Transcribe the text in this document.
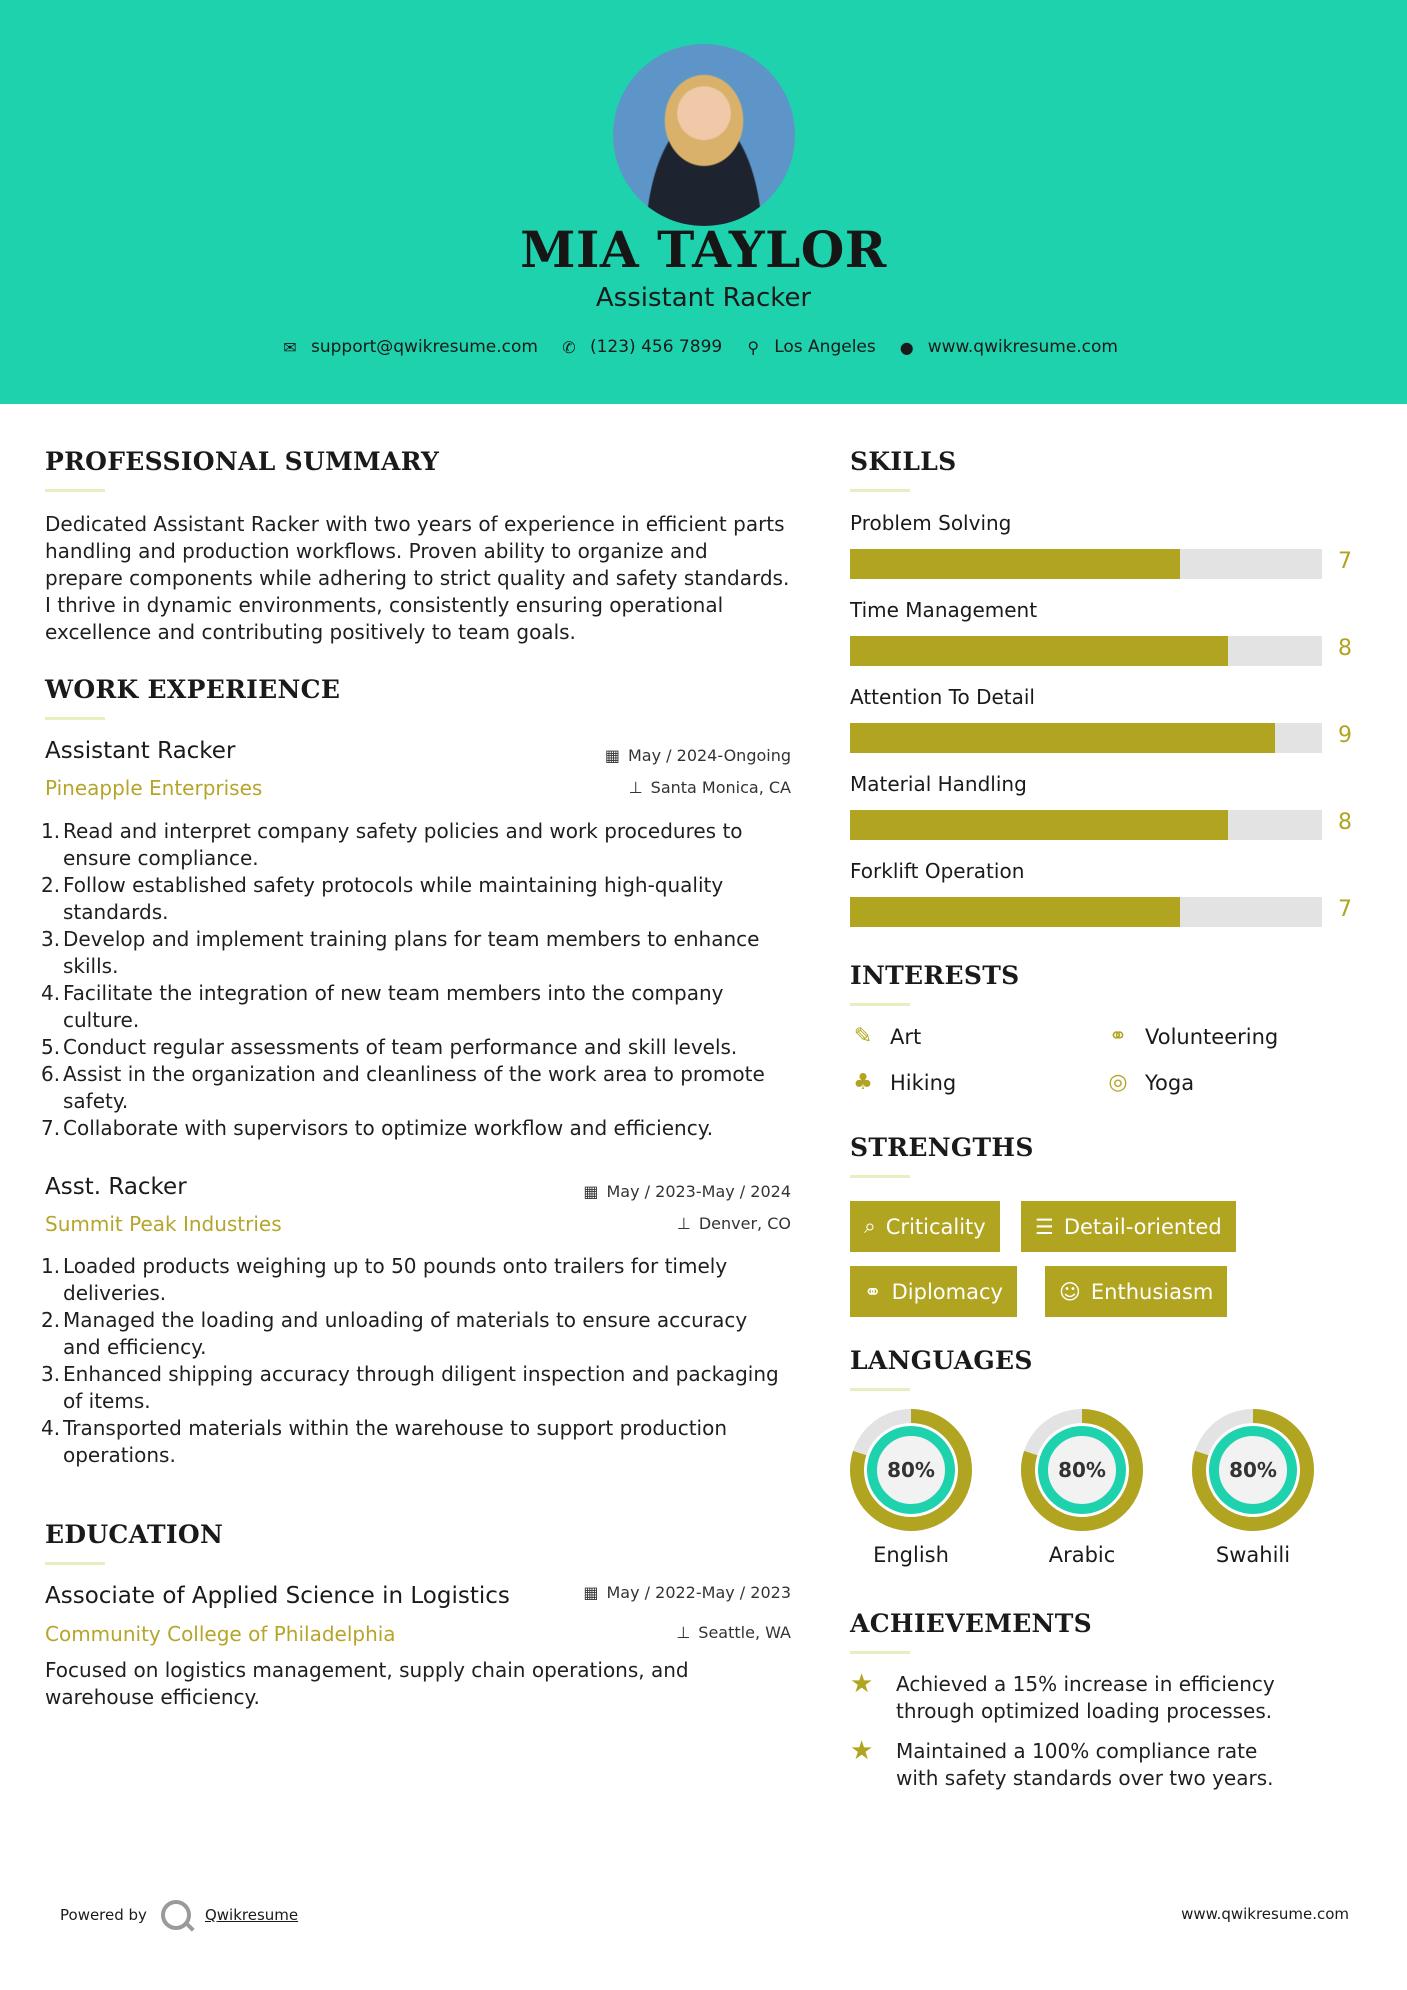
MIA TAYLOR
Assistant Racker
✉ support@qwikresume.com ✆ (123) 456 7899 ⚲ Los Angeles ● www.qwikresume.com
PROFESSIONAL SUMMARY
Dedicated Assistant Racker with two years of experience in efficient parts handling and production workflows. Proven ability to organize and prepare components while adhering to strict quality and safety standards. I thrive in dynamic environments, consistently ensuring operational excellence and contributing positively to team goals.
WORK EXPERIENCE
Assistant Racker
Pineapple Enterprises
▦ May / 2024-Ongoing
⊥ Santa Monica, CA
1. Read and interpret company safety policies and work procedures to ensure compliance.
2. Follow established safety protocols while maintaining high-quality standards.
3. Develop and implement training plans for team members to enhance skills.
4. Facilitate the integration of new team members into the company culture.
5. Conduct regular assessments of team performance and skill levels.
6. Assist in the organization and cleanliness of the work area to promote safety.
7. Collaborate with supervisors to optimize workflow and efficiency.
Asst. Racker
Summit Peak Industries
▦ May / 2023-May / 2024
⊥ Denver, CO
1. Loaded products weighing up to 50 pounds onto trailers for timely deliveries.
2. Managed the loading and unloading of materials to ensure accuracy and efficiency.
3. Enhanced shipping accuracy through diligent inspection and packaging of items.
4. Transported materials within the warehouse to support production operations.
EDUCATION
Associate of Applied Science in Logistics
Community College of Philadelphia
▦ May / 2022-May / 2023
⊥ Seattle, WA
Focused on logistics management, supply chain operations, and warehouse efficiency.
SKILLS
Problem Solving
7
Time Management
8
Attention To Detail
9
Material Handling
8
Forklift Operation
7
INTERESTS
✎ Art	⚭ Volunteering
♣ Hiking	◎ Yoga
STRENGTHS
⌕ Criticality ☰ Detail-oriented
⚭ Diplomacy	☺ Enthusiasm
LANGUAGES
80%
English
80%
Arabic
80%
Swahili
ACHIEVEMENTS
★ Achieved a 15% increase in efficiency through optimized loading processes.
★ Maintained a 100% compliance rate with safety standards over two years.
Powered by	Qwikresume	www.qwikresume.com
